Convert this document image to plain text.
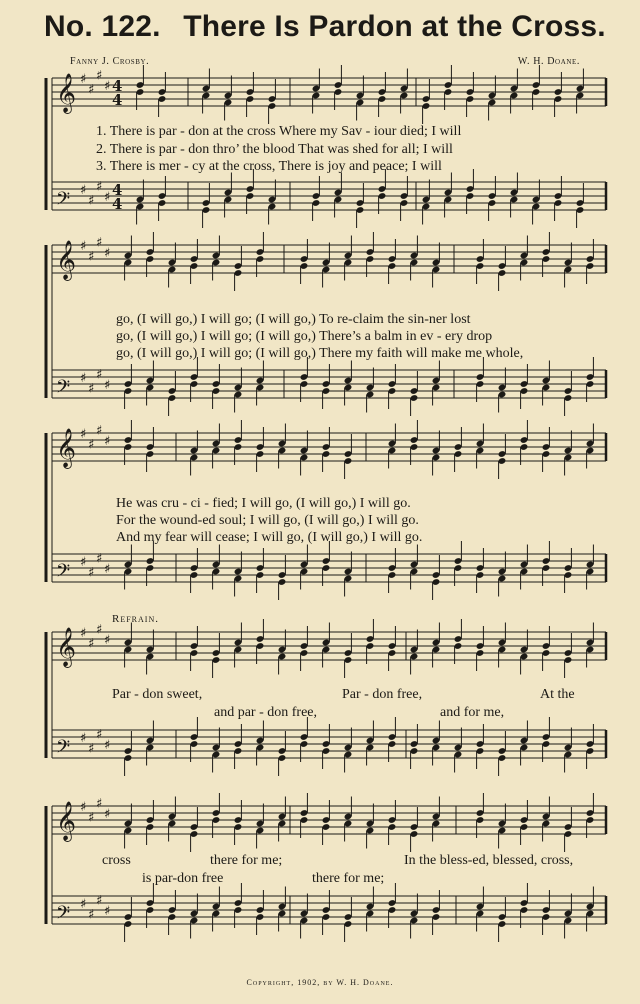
𝄞 ♯
♯
♯
♯ 4
4
𝄢 ♯
♯
♯
♯ 4
4
𝄞 ♯
♯
♯
♯
𝄢 ♯
♯
♯
♯
𝄞 ♯
♯
♯
♯
𝄢 ♯
♯
♯
♯
𝄞 ♯
♯
♯
♯
𝄢 ♯
♯
♯
♯
𝄞 ♯
♯
♯
♯
𝄢 ♯
♯
♯
♯
No. 122. There Is Pardon at the Cross.
Fanny J. Crosby.	W. H. Doane.
1. There is par - don at the cross Where my Sav - iour died; I will
2. There is par - don thro’ the blood That was shed for all; I will
3. There is mer - cy at the cross, There is joy and peace; I will
go, (I will go,) I will go; (I will go,) To re-claim the sin-ner lost
go, (I will go,) I will go; (I will go,) There’s a balm in ev - ery drop
go, (I will go,) I will go; (I will go,) There my faith will make me whole,
He was cru - ci - fied; I will go, (I will go,) I will go.
For the wound-ed soul; I will go, (I will go,) I will go.
And my fear will cease; I will go, (I will go,) I will go.
Refrain.
Par - don sweet,	Par - don free,	At the
and par - don free,	and for me,
cross	there for me;	In the bless-ed, blessed, cross,
is par-don free	there for me;
Copyright, 1902, by W. H. Doane.
